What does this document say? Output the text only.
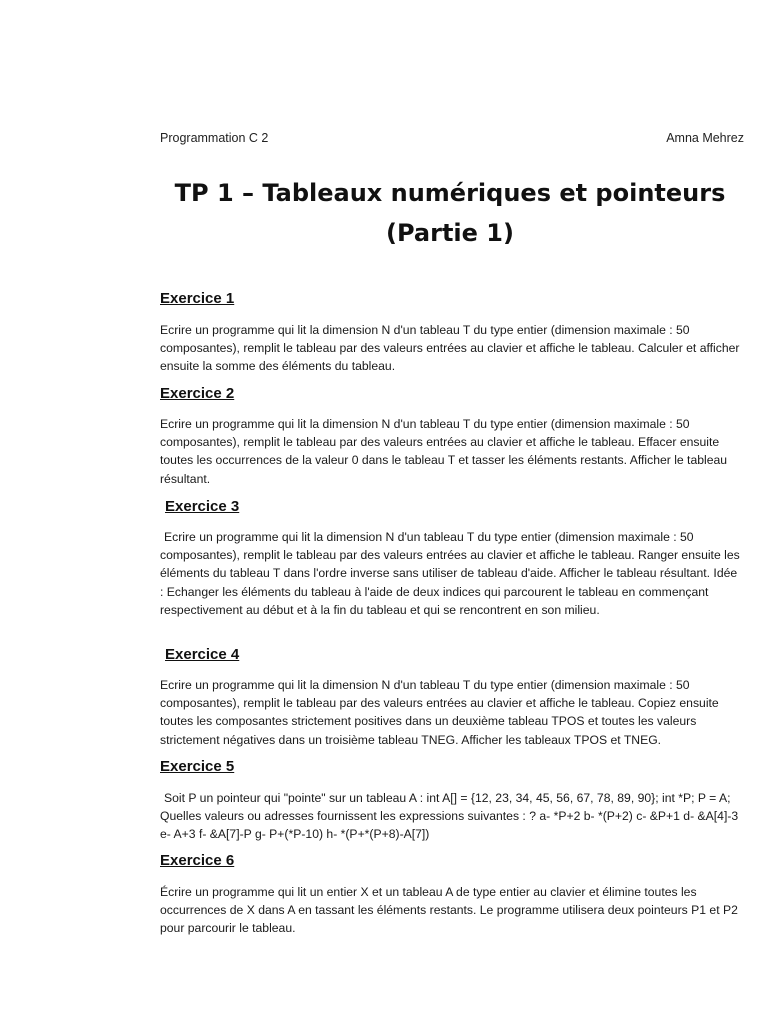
Programmation C 2	Amna Mehrez
TP 1 – Tableaux numériques et pointeurs
(Partie 1)
Exercice 1
Ecrire un programme qui lit la dimension N d'un tableau T du type entier (dimension maximale : 50 composantes), remplit le tableau par des valeurs entrées au clavier et affiche le tableau. Calculer et afficher ensuite la somme des éléments du tableau.
Exercice 2
Ecrire un programme qui lit la dimension N d'un tableau T du type entier (dimension maximale : 50 composantes), remplit le tableau par des valeurs entrées au clavier et affiche le tableau. Effacer ensuite toutes les occurrences de la valeur 0 dans le tableau T et tasser les éléments restants. Afficher le tableau résultant.
Exercice 3
Ecrire un programme qui lit la dimension N d'un tableau T du type entier (dimension maximale : 50 composantes), remplit le tableau par des valeurs entrées au clavier et affiche le tableau. Ranger ensuite les éléments du tableau T dans l'ordre inverse sans utiliser de tableau d'aide. Afficher le tableau résultant. Idée : Echanger les éléments du tableau à l'aide de deux indices qui parcourent le tableau en commençant respectivement au début et à la fin du tableau et qui se rencontrent en son milieu.
Exercice 4
Ecrire un programme qui lit la dimension N d'un tableau T du type entier (dimension maximale : 50 composantes), remplit le tableau par des valeurs entrées au clavier et affiche le tableau. Copiez ensuite toutes les composantes strictement positives dans un deuxième tableau TPOS et toutes les valeurs strictement négatives dans un troisième tableau TNEG. Afficher les tableaux TPOS et TNEG.
Exercice 5
Soit P un pointeur qui "pointe" sur un tableau A : int A[] = {12, 23, 34, 45, 56, 67, 78, 89, 90}; int *P; P = A; Quelles valeurs ou adresses fournissent les expressions suivantes : ? a- *P+2 b- *(P+2) c- &P+1 d- &A[4]-3 e- A+3 f- &A[7]-P g- P+(*P-10) h- *(P+*(P+8)-A[7])
Exercice 6
Écrire un programme qui lit un entier X et un tableau A de type entier au clavier et élimine toutes les occurrences de X dans A en tassant les éléments restants. Le programme utilisera deux pointeurs P1 et P2 pour parcourir le tableau.
